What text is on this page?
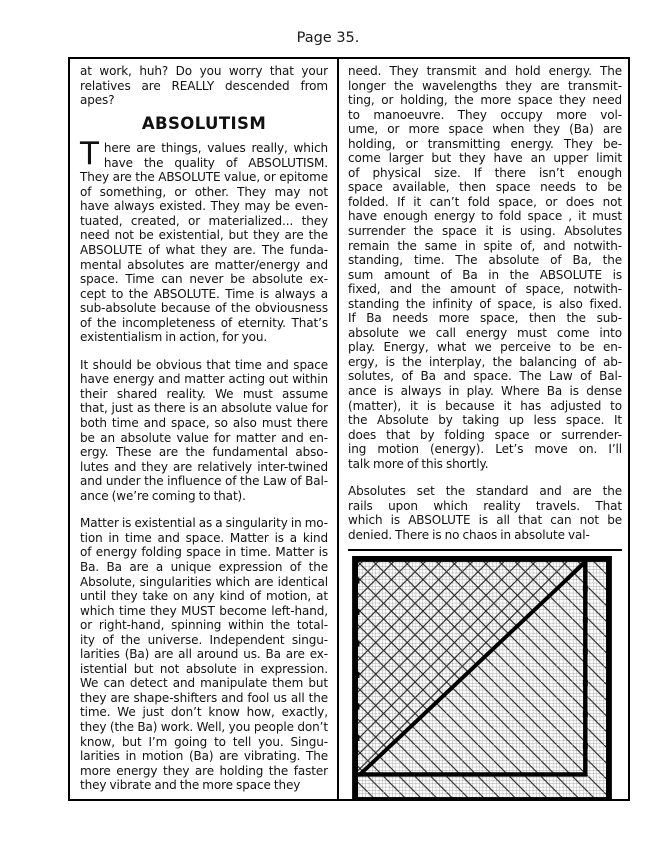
Page 35.
at work, huh? Do you worry that your
relatives are REALLY descended from
apes?
ABSOLUTISM
T here are things, values really, which
have the quality of ABSOLUTISM.
They are the ABSOLUTE value, or epitome
of something, or other. They may not
have always existed. They may be even-
tuated, created, or materialized... they
need not be existential, but they are the
ABSOLUTE of what they are. The funda-
mental absolutes are matter/energy and
space. Time can never be absolute ex-
cept to the ABSOLUTE. Time is always a
sub-absolute because of the obviousness
of the incompleteness of eternity. That’s
existentialism in action, for you.
It should be obvious that time and space
have energy and matter acting out within
their shared reality. We must assume
that, just as there is an absolute value for
both time and space, so also must there
be an absolute value for matter and en-
ergy. These are the fundamental abso-
lutes and they are relatively inter-twined
and under the influence of the Law of Bal-
ance (we’re coming to that).
Matter is existential as a singularity in mo-
tion in time and space. Matter is a kind
of energy folding space in time. Matter is
Ba. Ba are a unique expression of the
Absolute, singularities which are identical
until they take on any kind of motion, at
which time they MUST become left-hand,
or right-hand, spinning within the total-
ity of the universe. Independent singu-
larities (Ba) are all around us. Ba are ex-
istential but not absolute in expression.
We can detect and manipulate them but
they are shape-shifters and fool us all the
time. We just don’t know how, exactly,
they (the Ba) work. Well, you people don’t
know, but I’m going to tell you. Singu-
larities in motion (Ba) are vibrating. The
more energy they are holding the faster
they vibrate and the more space they
need. They transmit and hold energy. The
longer the wavelengths they are transmit-
ting, or holding, the more space they need
to manoeuvre. They occupy more vol-
ume, or more space when they (Ba) are
holding, or transmitting energy. They be-
come larger but they have an upper limit
of physical size. If there isn’t enough
space available, then space needs to be
folded. If it can’t fold space, or does not
have enough energy to fold space , it must
surrender the space it is using. Absolutes
remain the same in spite of, and notwith-
standing, time. The absolute of Ba, the
sum amount of Ba in the ABSOLUTE is
fixed, and the amount of space, notwith-
standing the infinity of space, is also fixed.
If Ba needs more space, then the sub-
absolute we call energy must come into
play. Energy, what we perceive to be en-
ergy, is the interplay, the balancing of ab-
solutes, of Ba and space. The Law of Bal-
ance is always in play. Where Ba is dense
(matter), it is because it has adjusted to
the Absolute by taking up less space. It
does that by folding space or surrender-
ing motion (energy). Let’s move on. I’ll
talk more of this shortly.
Absolutes set the standard and are the
rails upon which reality travels. That
which is ABSOLUTE is all that can not be
denied. There is no chaos in absolute val-
